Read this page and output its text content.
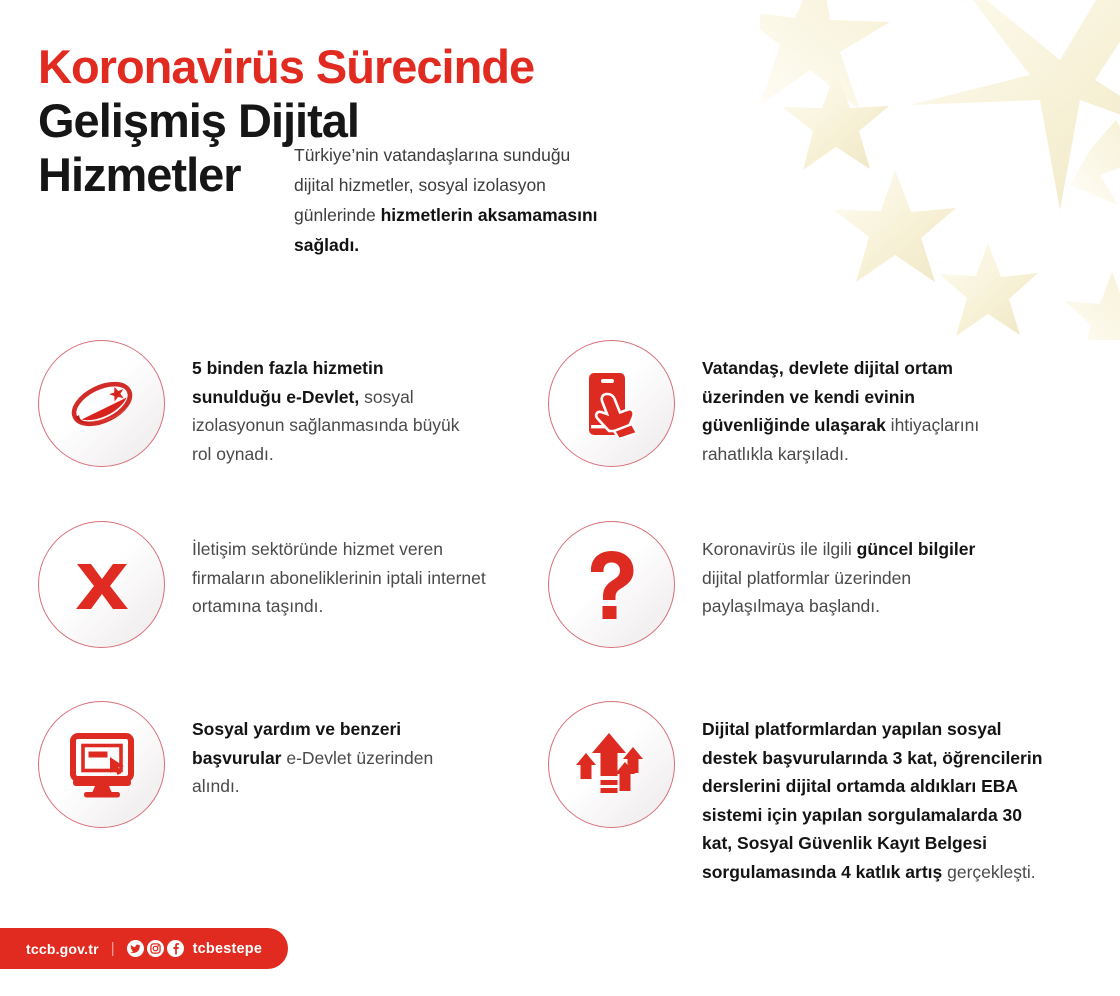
Koronavirüs Sürecinde
Gelişmiş Dijital
Hizmetler	Türkiye’nin vatandaşlarına sunduğu dijital hizmetler, sosyal izolasyon günlerinde hizmetlerin aksamamasını sağladı.

5 binden fazla hizmetin sunulduğu e-Devlet, sosyal izolasyonun sağlanmasında büyük rol oynadı.
İletişim sektöründe hizmet veren firmaların aboneliklerinin iptali internet ortamına taşındı.
Sosyal yardım ve benzeri başvurular e-Devlet üzerinden alındı.
Vatandaş, devlete dijital ortam üzerinden ve kendi evinin güvenliğinde ulaşarak ihtiyaçlarını rahatlıkla karşıladı.
Koronavirüs ile ilgili güncel bilgiler dijital platformlar üzerinden paylaşılmaya başlandı.
Dijital platformlardan yapılan sosyal destek başvurularında 3 kat, öğrencilerin derslerini dijital ortamda aldıkları EBA sistemi için yapılan sorgulamalarda 30 kat, Sosyal Güvenlik Kayıt Belgesi sorgulamasında 4 katlık artış gerçekleşti.
tccb.gov.tr |	tcbestepe
